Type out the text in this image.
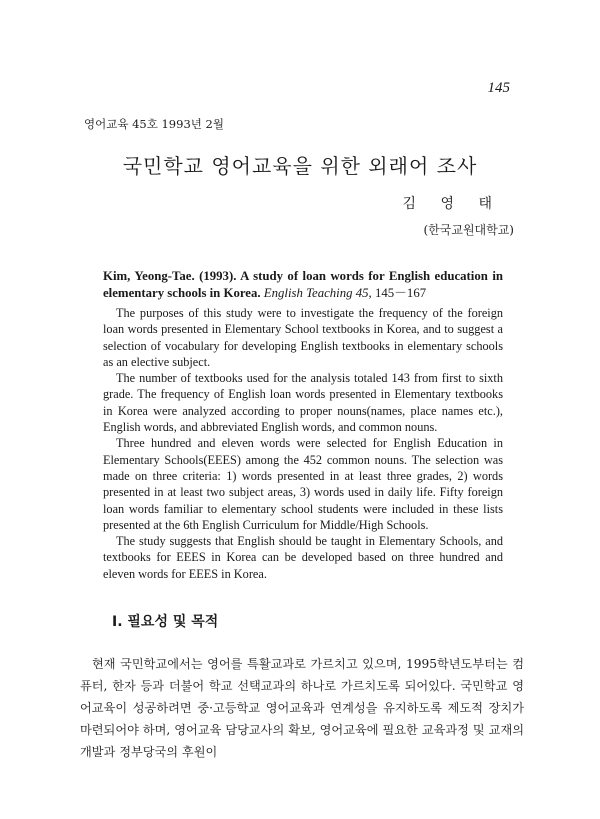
145
영어교육 45호 1993년 2월
국민학교 영어교육을 위한 외래어 조사
김 영 태
(한국교원대학교)
Kim, Yeong-Tae. (1993). A study of loan words for English education in elementary schools in Korea. English Teaching 45, 145－167

The purposes of this study were to investigate the frequency of the foreign loan words presented in Elementary School textbooks in Korea, and to suggest a selection of vocabulary for developing English textbooks in elementary schools as an elective subject.

The number of textbooks used for the analysis totaled 143 from first to sixth grade. The frequency of English loan words presented in Elementary textbooks in Korea were analyzed according to proper nouns(names, place names etc.), English words, and abbreviated English words, and common nouns.

Three hundred and eleven words were selected for English Education in Elementary Schools(EEES) among the 452 common nouns. The selection was made on three criteria: 1) words presented in at least three grades, 2) words presented in at least two subject areas, 3) words used in daily life. Fifty foreign loan words familiar to elementary school students were included in these lists presented at the 6th English Curriculum for Middle/High Schools.

The study suggests that English should be taught in Elementary Schools, and textbooks for EEES in Korea can be developed based on three hundred and eleven words for EEES in Korea.

I. 필요성 및 목적

현재 국민학교에서는 영어를 특활교과로 가르치고 있으며, 1995학년도부터는 컴퓨터, 한자 등과 더불어 학교 선택교과의 하나로 가르치도록 되어있다. 국민학교 영어교육이 성공하려면 중·고등학교 영어교육과 연계성을 유지하도록 제도적 장치가 마련되어야 하며, 영어교육 담당교사의 확보, 영어교육에 필요한 교육과정 및 교재의 개발과 정부당국의 후원이
